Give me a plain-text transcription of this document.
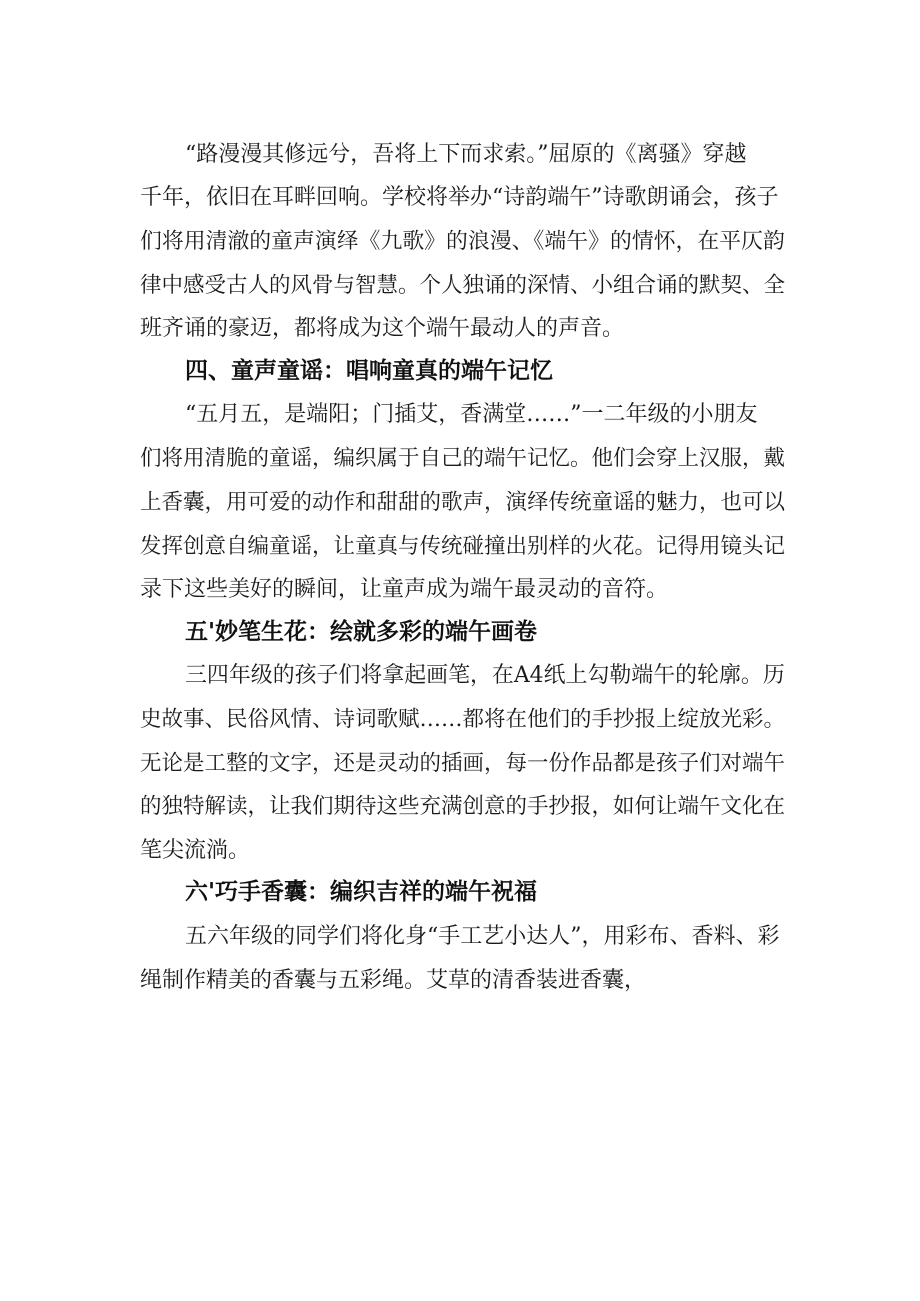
“路漫漫其修远兮，吾将上下而求索。”屈原的《离骚》穿越
千年，依旧在耳畔回响。学校将举办“诗韵端午”诗歌朗诵会，孩子
们将用清澈的童声演绎《九歌》的浪漫、《端午》的情怀，在平仄韵
律中感受古人的风骨与智慧。个人独诵的深情、小组合诵的默契、全
班齐诵的豪迈，都将成为这个端午最动人的声音。
四、童声童谣：唱响童真的端午记忆
“五月五，是端阳；门插艾，香满堂……”一二年级的小朋友
们将用清脆的童谣，编织属于自己的端午记忆。他们会穿上汉服，戴
上香囊，用可爱的动作和甜甜的歌声，演绎传统童谣的魅力，也可以
发挥创意自编童谣，让童真与传统碰撞出别样的火花。记得用镜头记
录下这些美好的瞬间，让童声成为端午最灵动的音符。
五'妙笔生花：绘就多彩的端午画卷
三四年级的孩子们将拿起画笔，在A4纸上勾勒端午的轮廓。历
史故事、民俗风情、诗词歌赋……都将在他们的手抄报上绽放光彩。
无论是工整的文字，还是灵动的插画，每一份作品都是孩子们对端午
的独特解读，让我们期待这些充满创意的手抄报，如何让端午文化在
笔尖流淌。
六'巧手香囊：编织吉祥的端午祝福
五六年级的同学们将化身“手工艺小达人”，用彩布、香料、彩
绳制作精美的香囊与五彩绳。艾草的清香装进香囊，
